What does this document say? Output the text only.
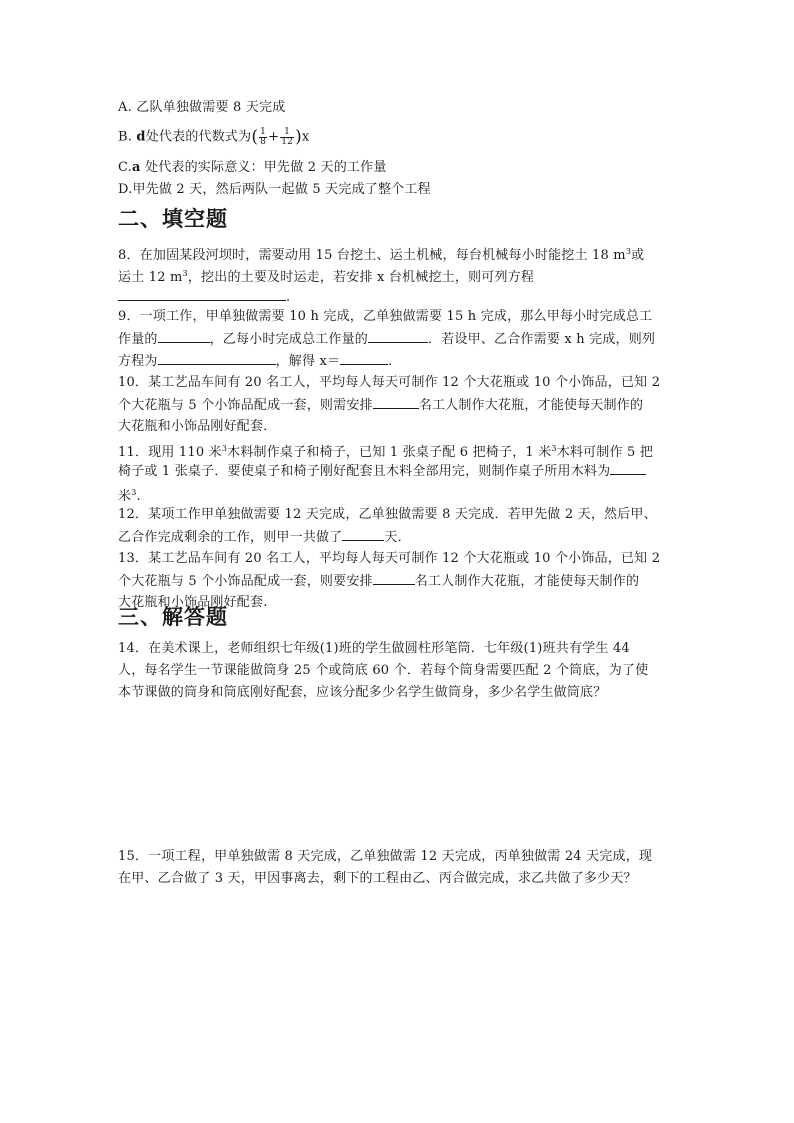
A. 乙队单独做需要 8 天完成
B. d处代表的代数式为( $\frac{1}{8} + \frac{1}{12} )x$
C.a 处代表的实际意义：甲先做 2 天的工作量
D.甲先做 2 天，然后两队一起做 5 天完成了整个工程
二、填空题
8．在加固某段河坝时，需要动用 15 台挖土、运土机械，每台机械每小时能挖土 18 $m^3$或
运土 12 $m^3$，挖出的土要及时运走，若安排 x 台机械挖土，则可列方程
.
9．一项工作，甲单独做需要 10 h 完成，乙单独做需要 15 h 完成，那么甲每小时完成总工
作量的	，乙每小时完成总工作量的	．若设甲、乙合作需要 x h 完成，则列
方程为	，解得 x＝	．
10．某工艺品车间有 20 名工人，平均每人每天可制作 12 个大花瓶或 10 个小饰品，已知 2
个大花瓶与 5 个小饰品配成一套，则需安排	名工人制作大花瓶，才能使每天制作的
大花瓶和小饰品刚好配套．
11．现用 110 米$^3$木料制作桌子和椅子，已知 1 张桌子配 6 把椅子，1 米$^3$木料可制作 5 把
椅子或 1 张桌子．要使桌子和椅子刚好配套且木料全部用完，则制作桌子所用木料为
米$^3$.
12．某项工作甲单独做需要 12 天完成，乙单独做需要 8 天完成．若甲先做 2 天，然后甲、
乙合作完成剩余的工作，则甲一共做了	天．
13．某工艺品车间有 20 名工人，平均每人每天可制作 12 个大花瓶或 10 个小饰品，已知 2
个大花瓶与 5 个小饰品配成一套，则要安排	名工人制作大花瓶，才能使每天制作的
大花瓶和小饰品刚好配套.
三、解答题
14．在美术课上，老师组织七年级(1)班的学生做圆柱形笔筒．七年级(1)班共有学生 44
人，每名学生一节课能做筒身 25 个或筒底 60 个．若每个筒身需要匹配 2 个筒底，为了使
本节课做的筒身和筒底刚好配套，应该分配多少名学生做筒身，多少名学生做筒底？
15．一项工程，甲单独做需 8 天完成，乙单独做需 12 天完成，丙单独做需 24 天完成，现
在甲、乙合做了 3 天，甲因事离去，剩下的工程由乙、丙合做完成，求乙共做了多少天？
